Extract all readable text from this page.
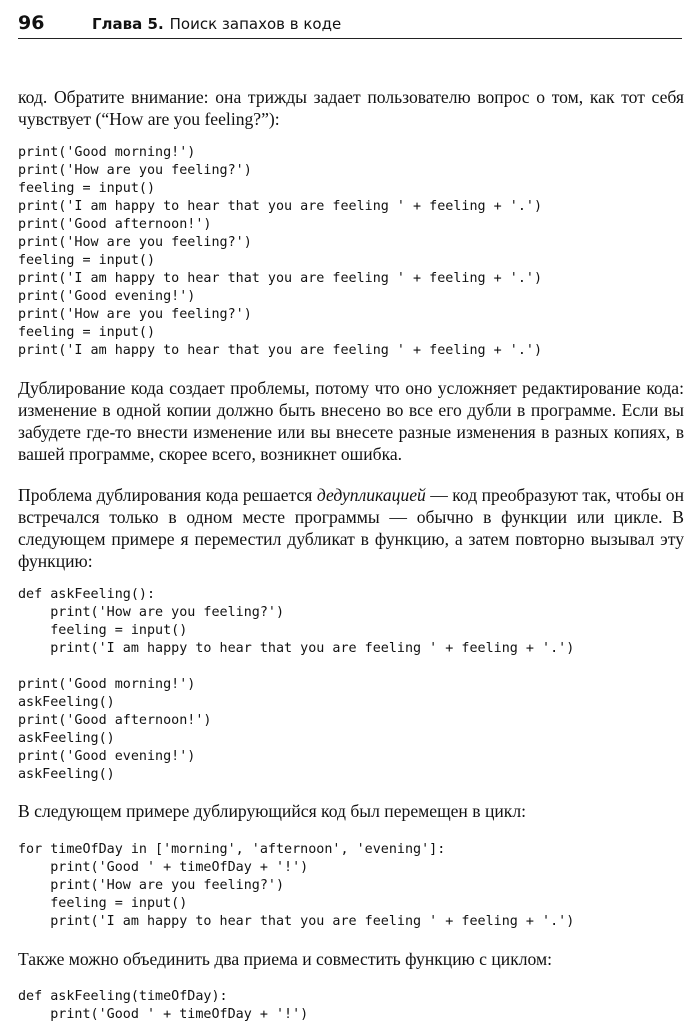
96	Глава 5. Поиск запахов в коде

код. Обратите внимание: она трижды задает пользователю вопрос о том, как тот себя чувствует (“How are you feeling?”):

print('Good morning!')
print('How are you feeling?')
feeling = input()
print('I am happy to hear that you are feeling ' + feeling + '.')
print('Good afternoon!')
print('How are you feeling?')
feeling = input()
print('I am happy to hear that you are feeling ' + feeling + '.')
print('Good evening!')
print('How are you feeling?')
feeling = input()
print('I am happy to hear that you are feeling ' + feeling + '.')

Дублирование кода создает проблемы, потому что оно усложняет редактирование кода: изменение в одной копии должно быть внесено во все его дубли в программе. Если вы забудете где-то внести изменение или вы внесете разные изменения в разных копиях, в вашей программе, скорее всего, возникнет ошибка.

Проблема дублирования кода решается дедупликацией — код преобразуют так, чтобы он встречался только в одном месте программы — обычно в функции или цикле. В следующем примере я переместил дубликат в функцию, а затем повторно вызывал эту функцию:

def askFeeling():
print('How are you feeling?')
feeling = input()
print('I am happy to hear that you are feeling ' + feeling + '.')
print('Good morning!')
askFeeling()
print('Good afternoon!')
askFeeling()
print('Good evening!')
askFeeling()

В следующем примере дублирующийся код был перемещен в цикл:

for timeOfDay in ['morning', 'afternoon', 'evening']:
print('Good ' + timeOfDay + '!')
print('How are you feeling?')
feeling = input()
print('I am happy to hear that you are feeling ' + feeling + '.')

Также можно объединить два приема и совместить функцию с циклом:

def askFeeling(timeOfDay):
print('Good ' + timeOfDay + '!')
